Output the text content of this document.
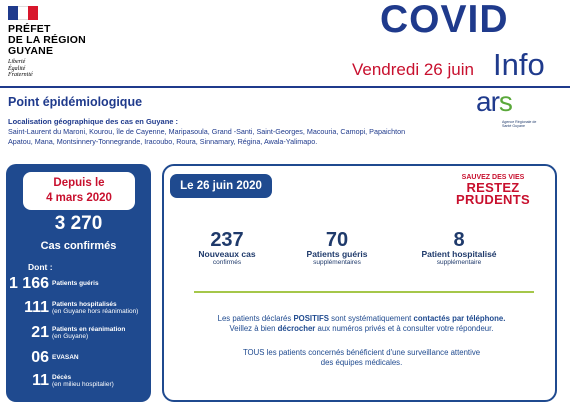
PRÉFET
DE LA RÉGION
GUYANE
Liberté
Égalité
Fraternité
COVID
Vendredi 26 juin Info
Point épidémiologique
Localisation géographique des cas en Guyane :
Saint-Laurent du Maroni, Kourou, île de Cayenne, Maripasoula, Grand -Santi, Saint-Georges, Macouria, Camopi, Papaichton
Apatou, Mana, Montsinnery-Tonnegrande, Iracoubo, Roura, Sinnamary, Régina, Awala-Yalimapo.
ars
Agence Régionale de Santé Guyane
Depuis le
4 mars 2020
3 270
Cas confirmés
Dont :
1 166 Patients guéris
111 Patients hospitalisés
(en Guyane hors réanimation)
21 Patients en réanimation
(en Guyane)
06 EVASAN
11 Décès
(en milieu hospitalier)
Le 26 juin 2020
SAUVEZ DES VIES
RESTEZ
PRUDENTS
237
Nouveaux cas
confirmés
70
Patients guéris
supplémentaires
8
Patient hospitalisé
supplémentaire
Les patients déclarés POSITIFS sont systématiquement contactés par téléphone.
Veillez à bien décrocher aux numéros privés et à consulter votre répondeur.
TOUS les patients concernés bénéficient d'une surveillance attentive
des équipes médicales.
